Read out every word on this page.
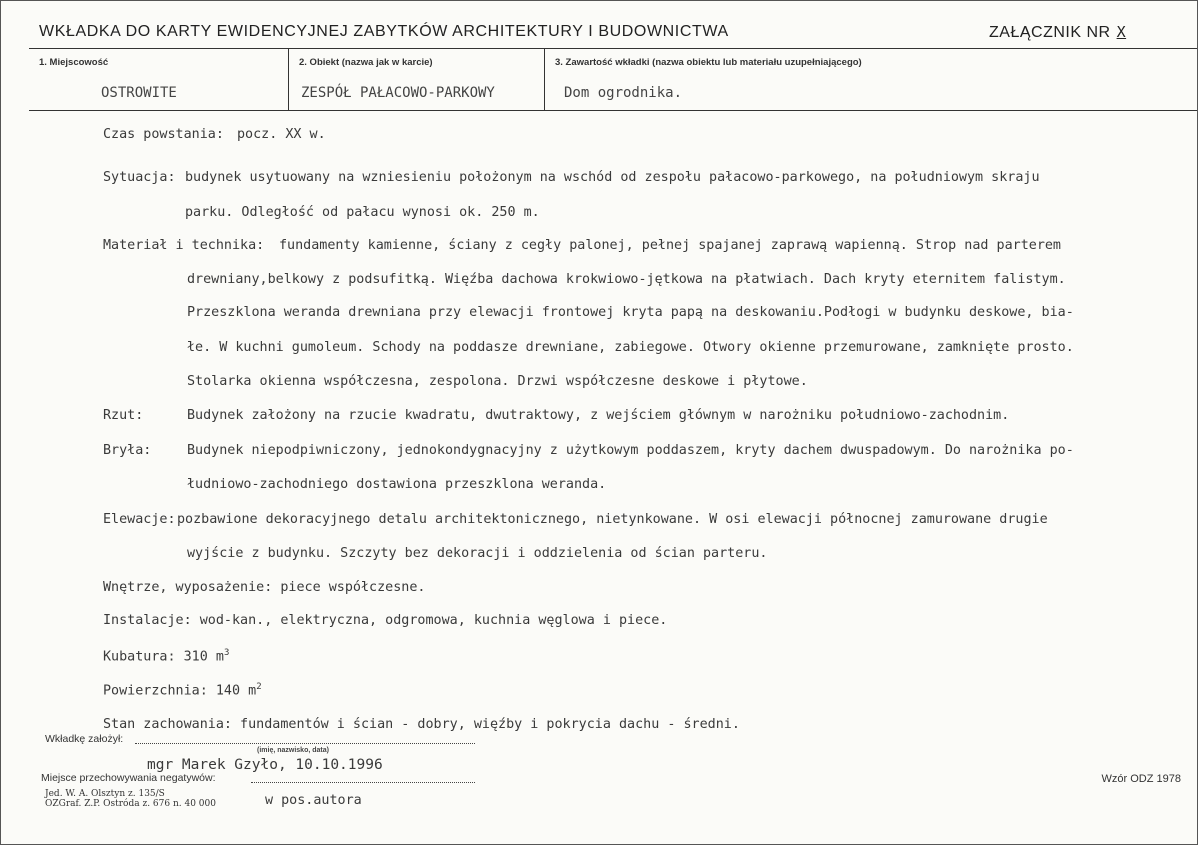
WKŁADKA DO KARTY EWIDENCYJNEJ ZABYTKÓW ARCHITEKTURY I BUDOWNICTWA	ZAŁĄCZNIK NR X
1. Miejscowość
OSTROWITE
2. Obiekt (nazwa jak w karcie)
ZESPÓŁ PAŁACOWO-PARKOWY
3. Zawartość wkładki (nazwa obiektu lub materiału uzupełniającego)
Dom ogrodnika.
Czas powstania: pocz. XX w.
Sytuacja: budynek usytuowany na wzniesieniu położonym na wschód od zespołu pałacowo-parkowego, na południowym skraju
parku. Odległość od pałacu wynosi ok. 250 m.
Materiał i technika: fundamenty kamienne, ściany z cegły palonej, pełnej spajanej zaprawą wapienną. Strop nad parterem
drewniany,belkowy z podsufitką. Więźba dachowa krokwiowo-jętkowa na płatwiach. Dach kryty eternitem falistym.
Przeszklona weranda drewniana przy elewacji frontowej kryta papą na deskowaniu.Podłogi w budynku deskowe, bia-
łe. W kuchni gumoleum. Schody na poddasze drewniane, zabiegowe. Otwory okienne przemurowane, zamknięte prosto.
Stolarka okienna współczesna, zespolona. Drzwi współczesne deskowe i płytowe.
Rzut:	Budynek założony na rzucie kwadratu, dwutraktowy, z wejściem głównym w narożniku południowo-zachodnim.
Bryła:	Budynek niepodpiwniczony, jednokondygnacyjny z użytkowym poddaszem, kryty dachem dwuspadowym. Do narożnika po-
łudniowo-zachodniego dostawiona przeszklona weranda.
Elewacje: pozbawione dekoracyjnego detalu architektonicznego, nietynkowane. W osi elewacji północnej zamurowane drugie
wyjście z budynku. Szczyty bez dekoracji i oddzielenia od ścian parteru.
Wnętrze, wyposażenie: piece współczesne.
Instalacje: wod-kan., elektryczna, odgromowa, kuchnia węglowa i piece.
Kubatura: 310 $m^3$
Powierzchnia: 140 $m^2$
Stan zachowania: fundamentów i ścian - dobry, więźby i pokrycia dachu - średni.
Wkładkę założył:
(imię, nazwisko, data)
mgr Marek Gzyło, 10.10.1996
Miejsce przechowywania negatywów:
w pos.autora
Jed. W. A. Olsztyn z. 135/S
OZGraf. Z.P. Ostróda z. 676 n. 40 000
Wzór ODZ 1978
